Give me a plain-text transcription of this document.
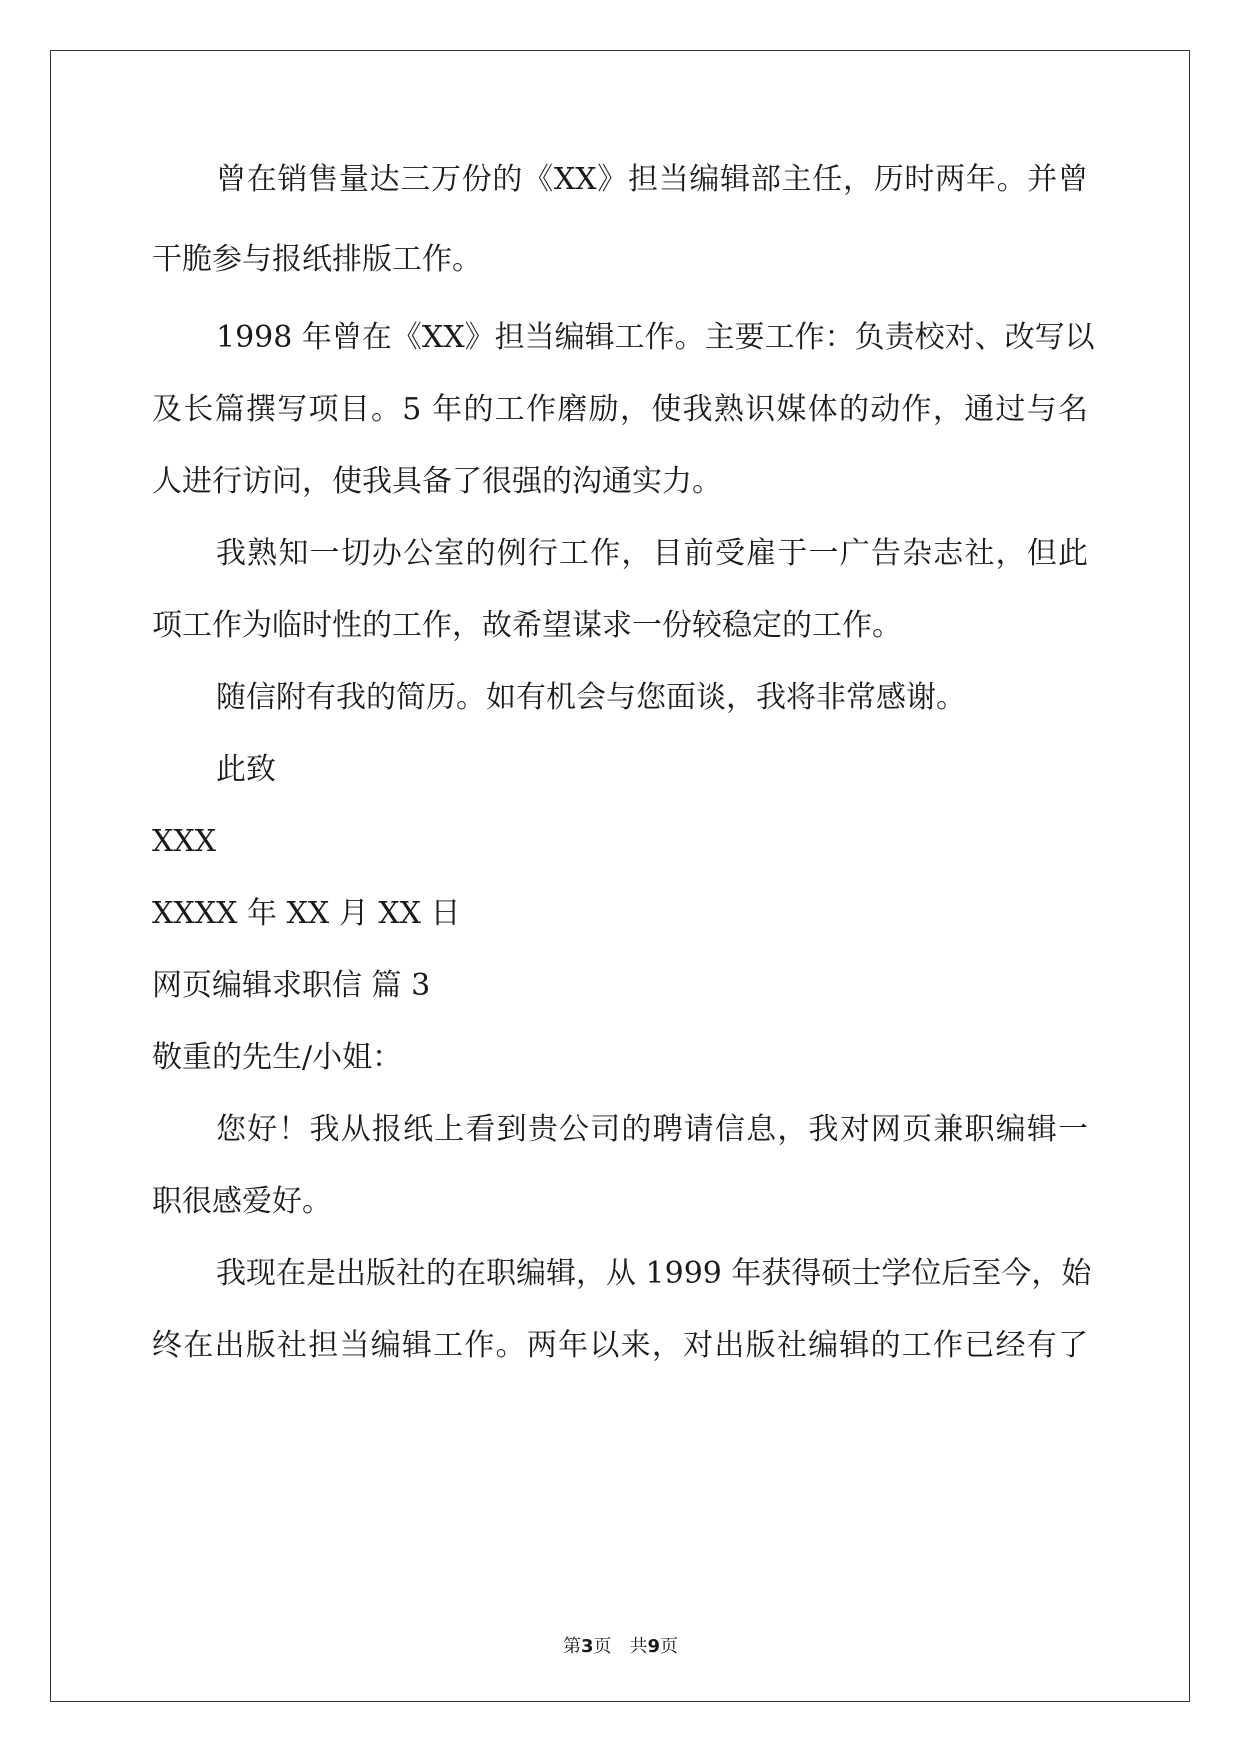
曾在销售量达三万份的《XX》担当编辑部主任，历时两年。并曾
干脆参与报纸排版工作。
1998 年曾在《XX》担当编辑工作。主要工作：负责校对、改写以
及长篇撰写项目。5 年的工作磨励，使我熟识媒体的动作，通过与名
人进行访问，使我具备了很强的沟通实力。
我熟知一切办公室的例行工作，目前受雇于一广告杂志社，但此
项工作为临时性的工作，故希望谋求一份较稳定的工作。
随信附有我的简历。如有机会与您面谈，我将非常感谢。
此致
XXX
XXXX 年 XX 月 XX 日
网页编辑求职信 篇 3
敬重的先生/小姐：
您好！我从报纸上看到贵公司的聘请信息，我对网页兼职编辑一
职很感爱好。
我现在是出版社的在职编辑，从 1999 年获得硕士学位后至今，始
终在出版社担当编辑工作。两年以来，对出版社编辑的工作已经有了
第3页 共9页
